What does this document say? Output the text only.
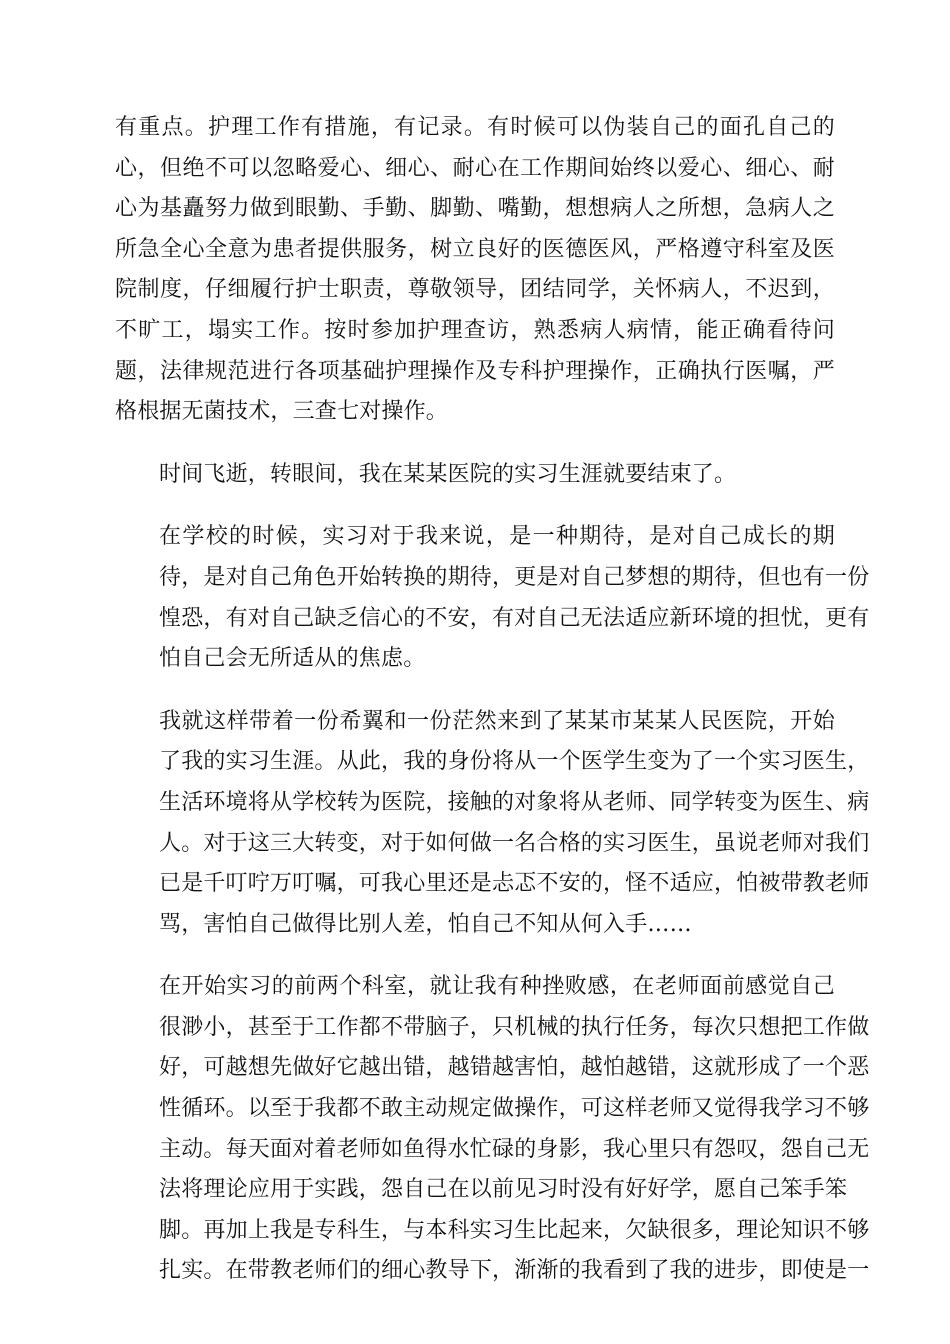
有重点。护理工作有措施，有记录。有时候可以伪装自己的面孔自己的
心，但绝不可以忽略爱心、细心、耐心在工作期间始终以爱心、细心、耐
心为基矗努力做到眼勤、手勤、脚勤、嘴勤，想想病人之所想，急病人之
所急全心全意为患者提供服务，树立良好的医德医风，严格遵守科室及医
院制度，仔细履行护士职责，尊敬领导，团结同学，关怀病人，不迟到，
不旷工，塌实工作。按时参加护理查访，熟悉病人病情，能正确看待问
题，法律规范进行各项基础护理操作及专科护理操作，正确执行医嘱，严
格根据无菌技术，三查七对操作。
时间飞逝，转眼间，我在某某医院的实习生涯就要结束了。
在学校的时候，实习对于我来说，是一种期待，是对自己成长的期
待，是对自己角色开始转换的期待，更是对自己梦想的期待，但也有一份
惶恐，有对自己缺乏信心的不安，有对自己无法适应新环境的担忧，更有
怕自己会无所适从的焦虑。
我就这样带着一份希翼和一份茫然来到了某某市某某人民医院，开始
了我的实习生涯。从此，我的身份将从一个医学生变为了一个实习医生，
生活环境将从学校转为医院，接触的对象将从老师、同学转变为医生、病
人。对于这三大转变，对于如何做一名合格的实习医生，虽说老师对我们
已是千叮咛万叮嘱，可我心里还是忐忑不安的，怪不适应，怕被带教老师
骂，害怕自己做得比别人差，怕自己不知从何入手……
在开始实习的前两个科室，就让我有种挫败感，在老师面前感觉自己
很渺小，甚至于工作都不带脑子，只机械的执行任务，每次只想把工作做
好，可越想先做好它越出错，越错越害怕，越怕越错，这就形成了一个恶
性循环。以至于我都不敢主动规定做操作，可这样老师又觉得我学习不够
主动。每天面对着老师如鱼得水忙碌的身影，我心里只有怨叹，怨自己无
法将理论应用于实践，怨自己在以前见习时没有好好学，愿自己笨手笨
脚。再加上我是专科生，与本科实习生比起来，欠缺很多，理论知识不够
扎实。在带教老师们的细心教导下，渐渐的我看到了我的进步，即使是一
